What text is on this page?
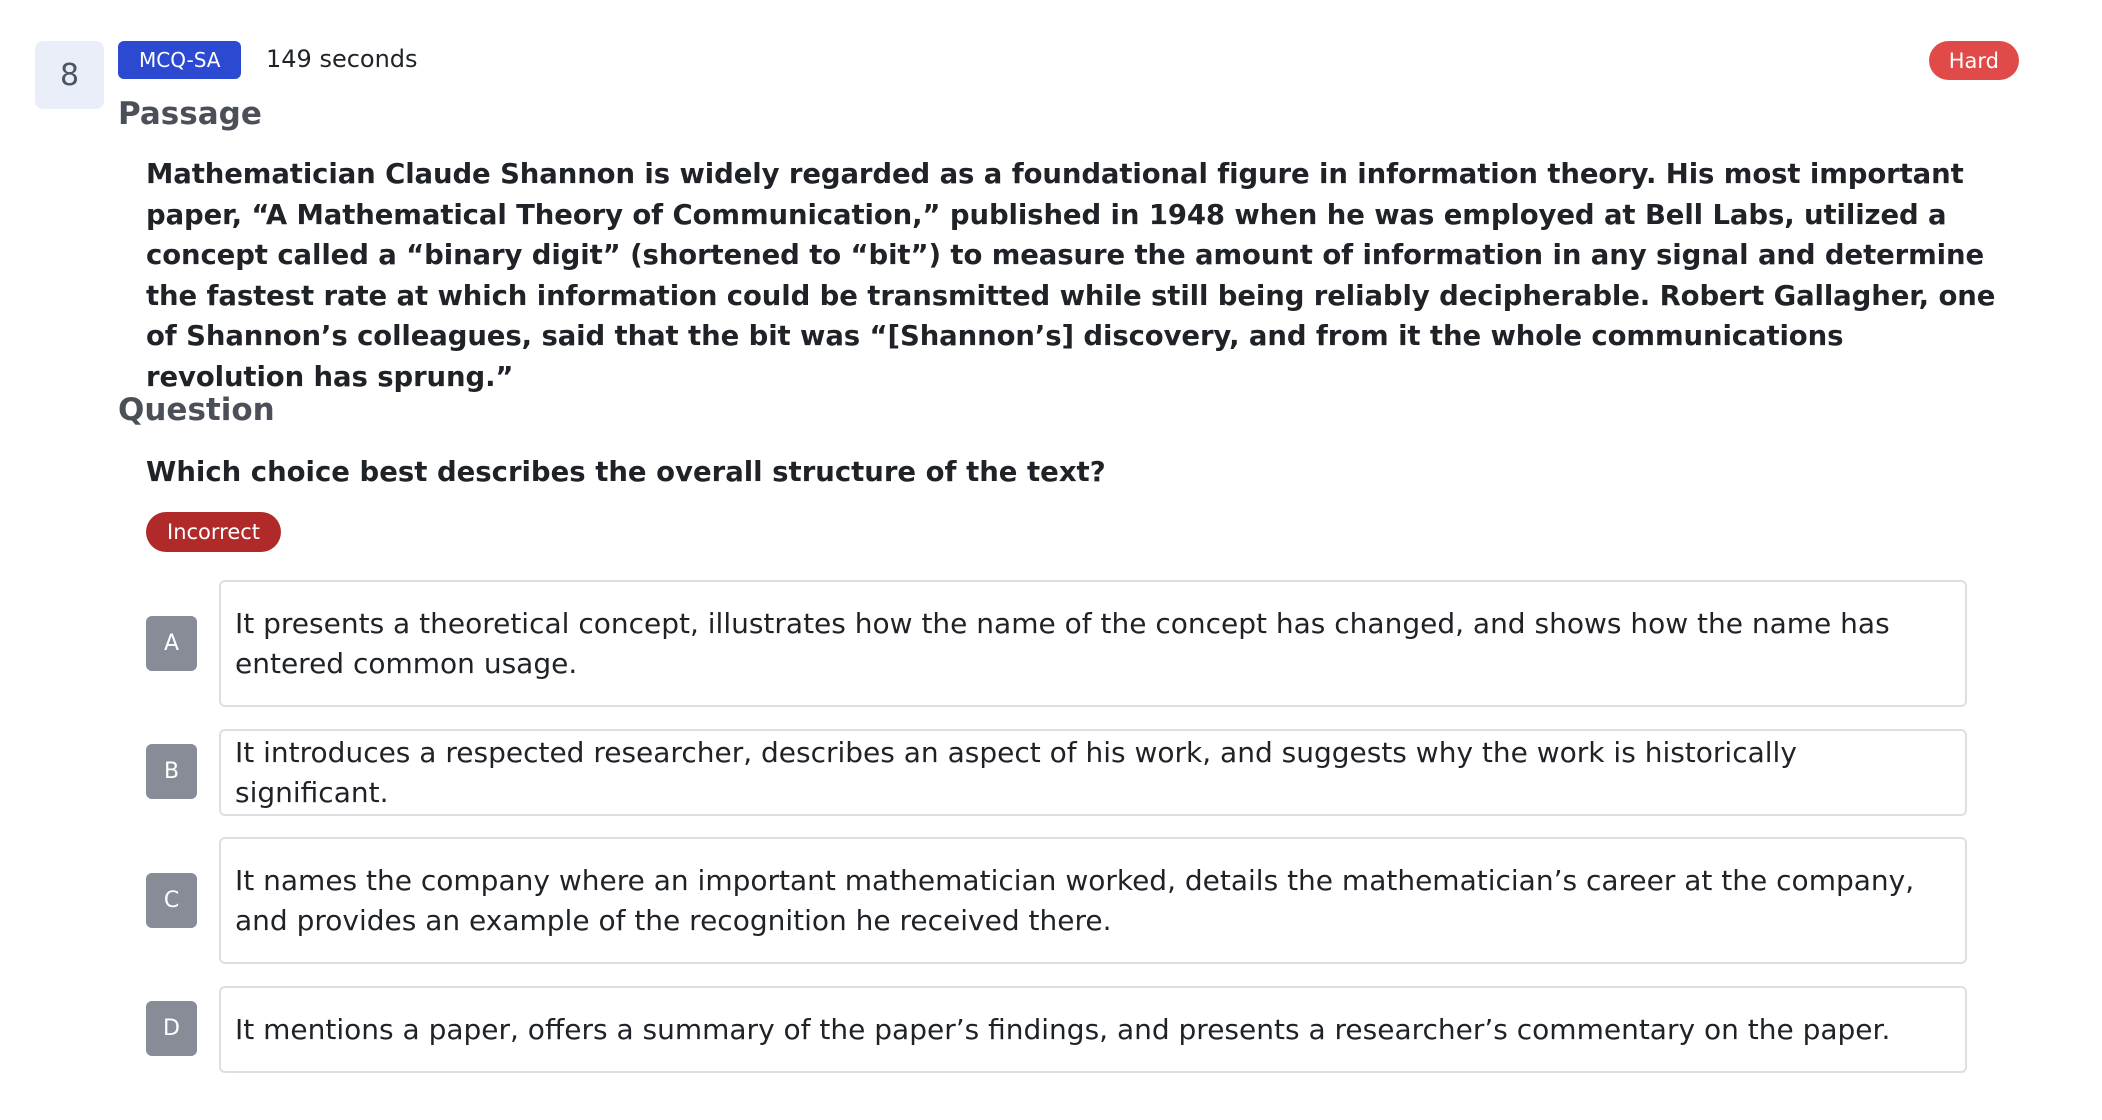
8	MCQ-SA	149 seconds	Hard
Passage
Mathematician Claude Shannon is widely regarded as a foundational figure in information theory. His most important paper, “A Mathematical Theory of Communication,” published in 1948 when he was employed at Bell Labs, utilized a concept called a “binary digit” (shortened to “bit”) to measure the amount of information in any signal and determine the fastest rate at which information could be transmitted while still being reliably decipherable. Robert Gallagher, one of Shannon’s colleagues, said that the bit was “[Shannon’s] discovery, and from it the whole communications revolution has sprung.”
Question
Which choice best describes the overall structure of the text?
Incorrect
A
It presents a theoretical concept, illustrates how the name of the concept has changed, and shows how the name has entered common usage.
B
It introduces a respected researcher, describes an aspect of his work, and suggests why the work is historically significant.
C
It names the company where an important mathematician worked, details the mathematician’s career at the company, and provides an example of the recognition he received there.
D	It mentions a paper, offers a summary of the paper’s findings, and presents a researcher’s commentary on the paper.
